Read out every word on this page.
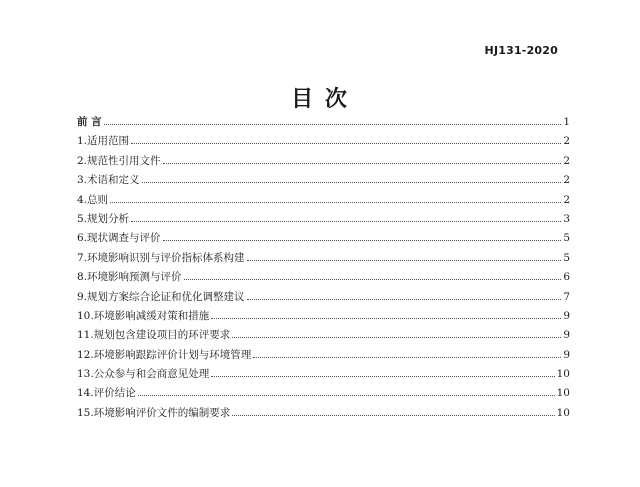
HJ131-2020
目 次
前 言	1
1.适用范围	2
2.规范性引用文件	2
3.术语和定义	2
4.总则	2
5.规划分析	3
6.现状调查与评价	5
7.环境影响识别与评价指标体系构建	5
8.环境影响预测与评价	6
9.规划方案综合论证和优化调整建议	7
10.环境影响减缓对策和措施	9
11.规划包含建设项目的环评要求	9
12.环境影响跟踪评价计划与环境管理	9
13.公众参与和会商意见处理	10
14.评价结论	10
15.环境影响评价文件的编制要求	10
